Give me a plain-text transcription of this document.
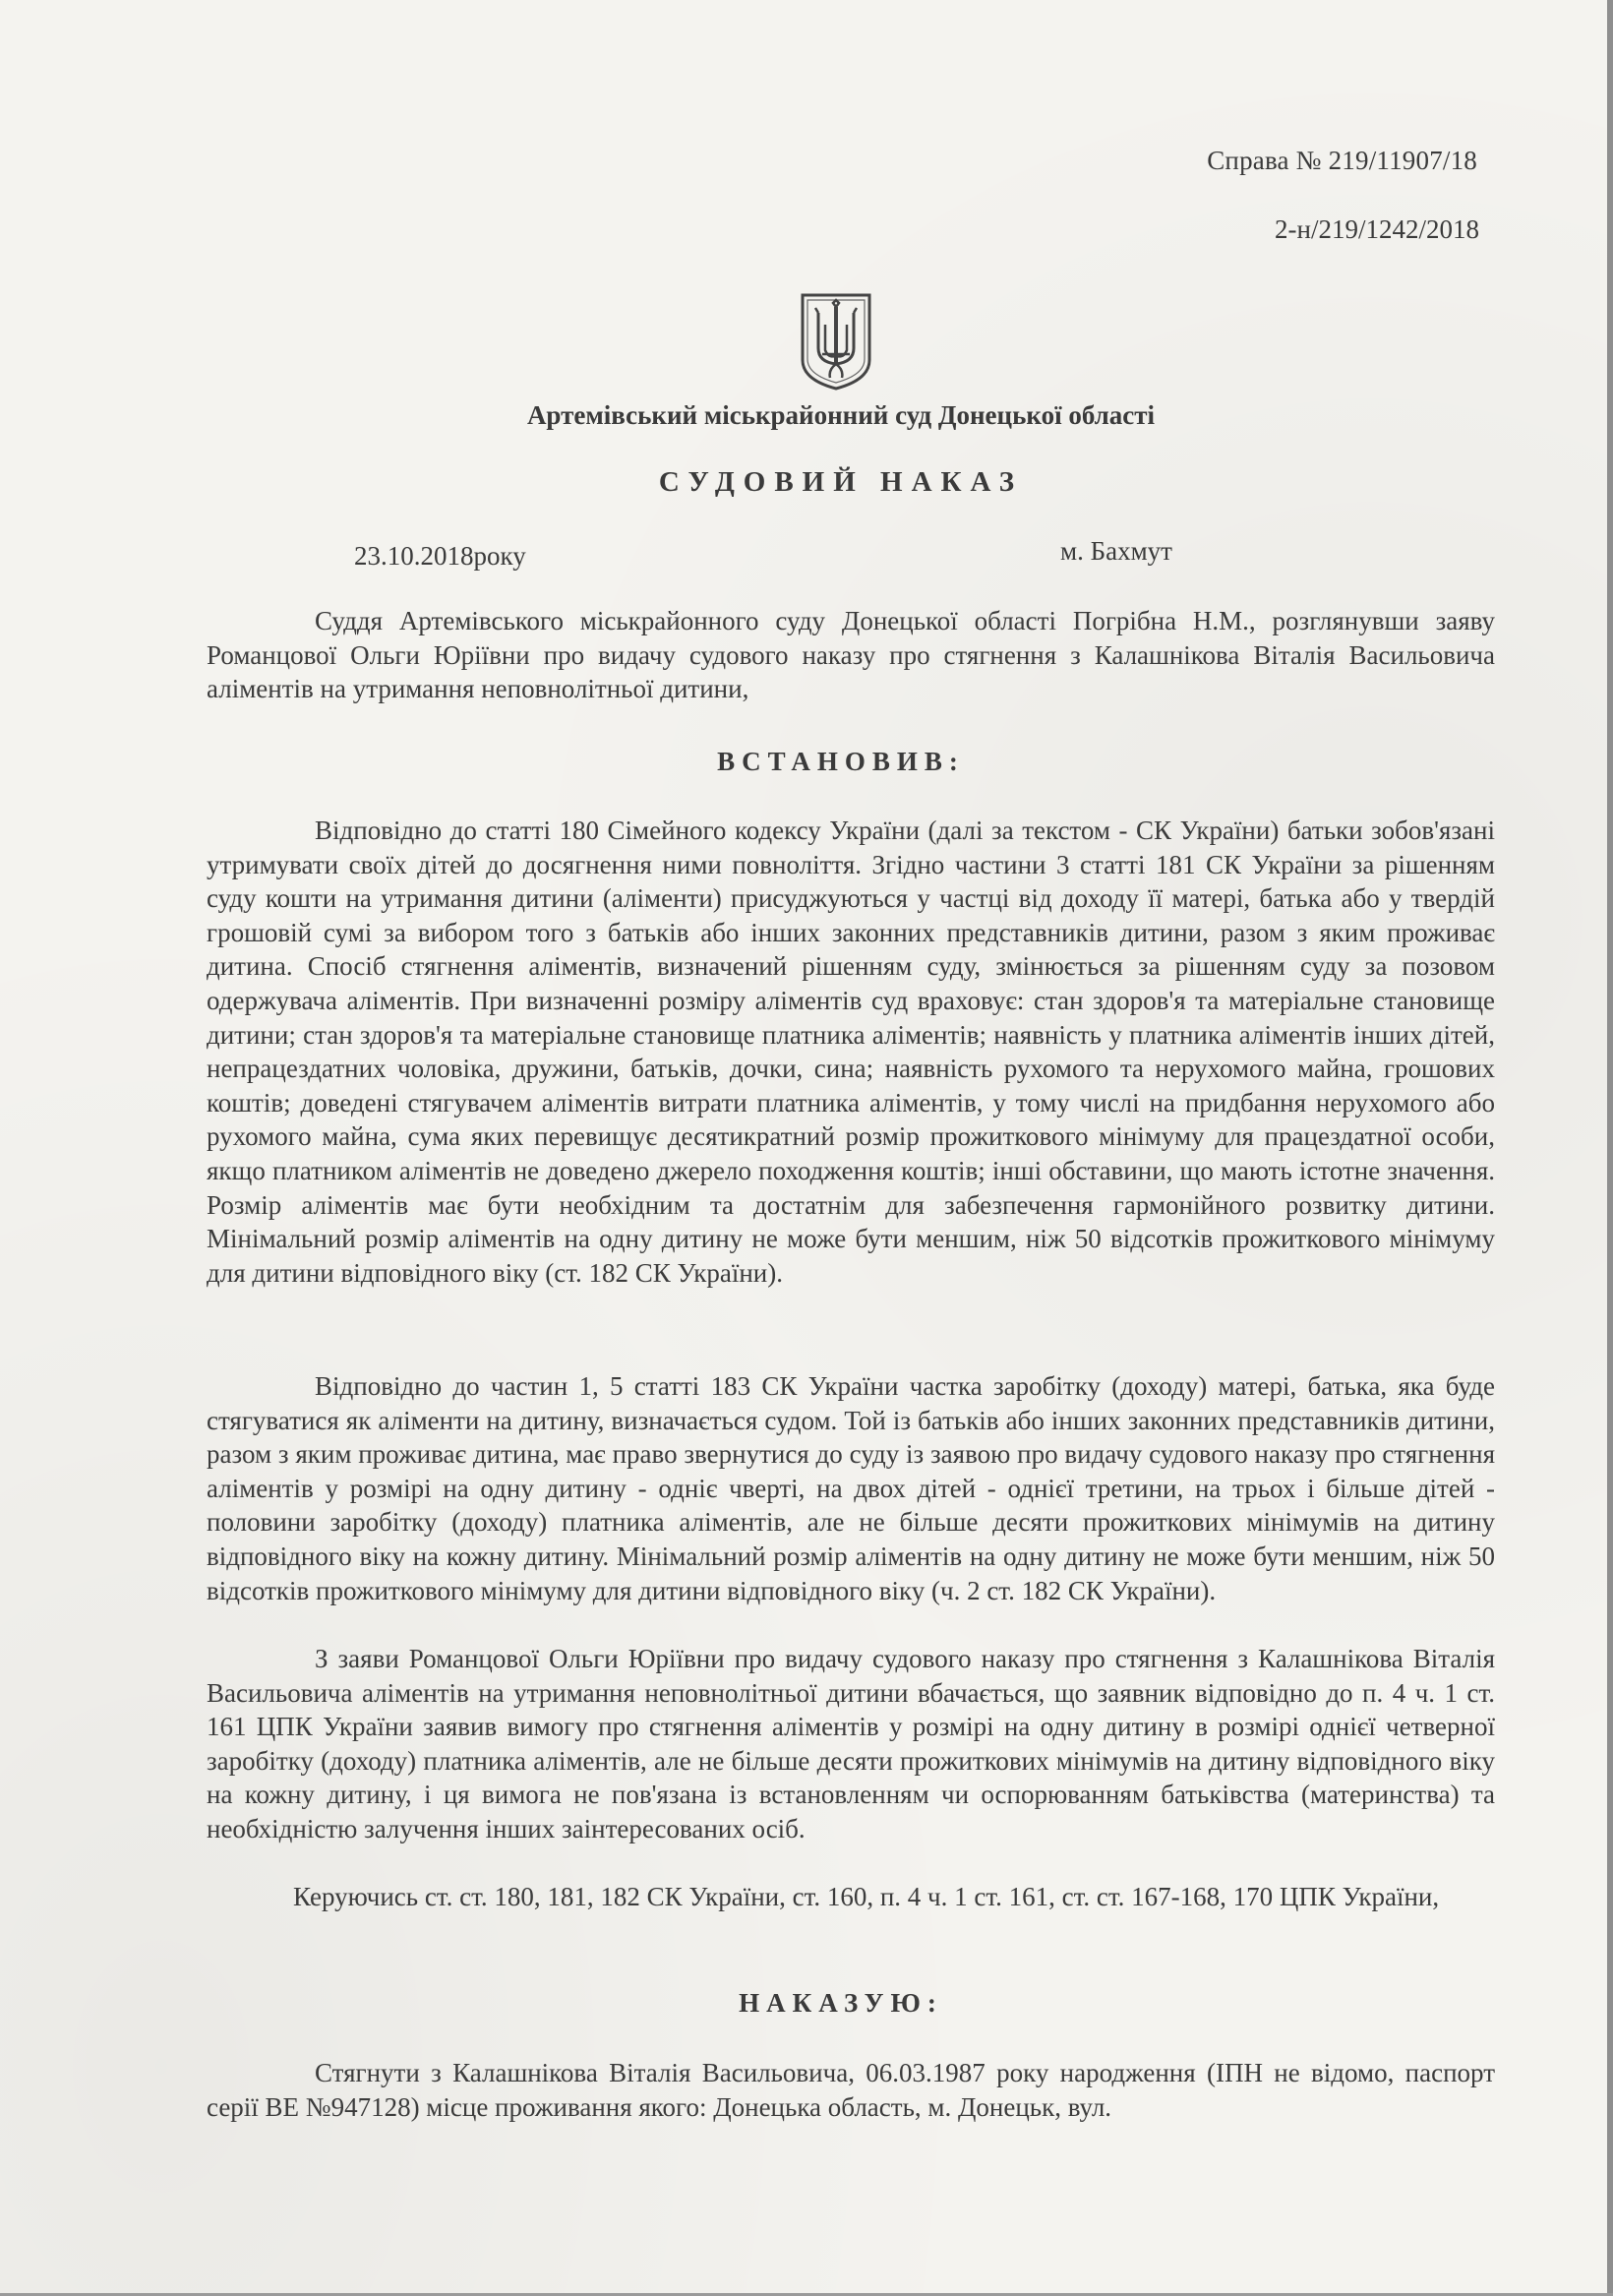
Справа № 219/11907/18
2-н/219/1242/2018
Артемівський міськрайонний суд Донецької області
СУДОВИЙ НАКАЗ
23.10.2018року	м. Бахмут

Суддя Артемівського міськрайонного суду Донецької області Погрібна Н.М., розглянувши заяву Романцової Ольги Юріївни про видачу судового наказу про стягнення з Калашнікова Віталія Васильовича аліментів на утримання неповнолітньої дитини,

ВСТАНОВИВ:

Відповідно до статті 180 Сімейного кодексу України (далі за текстом - СК України) батьки зобов'язані утримувати своїх дітей до досягнення ними повноліття. Згідно частини 3 статті 181 СК України за рішенням суду кошти на утримання дитини (аліменти) присуджуються у частці від доходу її матері, батька або у твердій грошовій сумі за вибором того з батьків або інших законних представників дитини, разом з яким проживає дитина. Спосіб стягнення аліментів, визначений рішенням суду, змінюється за рішенням суду за позовом одержувача аліментів. При визначенні розміру аліментів суд враховує: стан здоров'я та матеріальне становище дитини; стан здоров'я та матеріальне становище платника аліментів; наявність у платника аліментів інших дітей, непрацездатних чоловіка, дружини, батьків, дочки, сина; наявність рухомого та нерухомого майна, грошових коштів; доведені стягувачем аліментів витрати платника аліментів, у тому числі на придбання нерухомого або рухомого майна, сума яких перевищує десятикратний розмір прожиткового мінімуму для працездатної особи, якщо платником аліментів не доведено джерело походження коштів; інші обставини, що мають істотне значення. Розмір аліментів має бути необхідним та достатнім для забезпечення гармонійного розвитку дитини. Мінімальний розмір аліментів на одну дитину не може бути меншим, ніж 50 відсотків прожиткового мінімуму для дитини відповідного віку (ст. 182 СК України).

Відповідно до частин 1, 5 статті 183 СК України частка заробітку (доходу) матері, батька, яка буде стягуватися як аліменти на дитину, визначається судом. Той із батьків або інших законних представників дитини, разом з яким проживає дитина, має право звернутися до суду із заявою про видачу судового наказу про стягнення аліментів у розмірі на одну дитину - одніє чверті, на двох дітей - однієї третини, на трьох і більше дітей - половини заробітку (доходу) платника аліментів, але не більше десяти прожиткових мінімумів на дитину відповідного віку на кожну дитину. Мінімальний розмір аліментів на одну дитину не може бути меншим, ніж 50 відсотків прожиткового мінімуму для дитини відповідного віку (ч. 2 ст. 182 СК України).

З заяви Романцової Ольги Юріївни про видачу судового наказу про стягнення з Калашнікова Віталія Васильовича аліментів на утримання неповнолітньої дитини вбачається, що заявник відповідно до п. 4 ч. 1 ст. 161 ЦПК України заявив вимогу про стягнення аліментів у розмірі на одну дитину в розмірі однієї четверної заробітку (доходу) платника аліментів, але не більше десяти прожиткових мінімумів на дитину відповідного віку на кожну дитину, і ця вимога не пов'язана із встановленням чи оспорюванням батьківства (материнства) та необхідністю залучення інших заінтересованих осіб.

Керуючись ст. ст. 180, 181, 182 СК України, ст. 160, п. 4 ч. 1 ст. 161, ст. ст. 167-168, 170 ЦПК України,

НАКАЗУЮ:

Стягнути з Калашнікова Віталія Васильовича, 06.03.1987 року народження (ІПН не відомо, паспорт серії ВЕ №947128) місце проживання якого: Донецька область, м. Донецьк, вул.
